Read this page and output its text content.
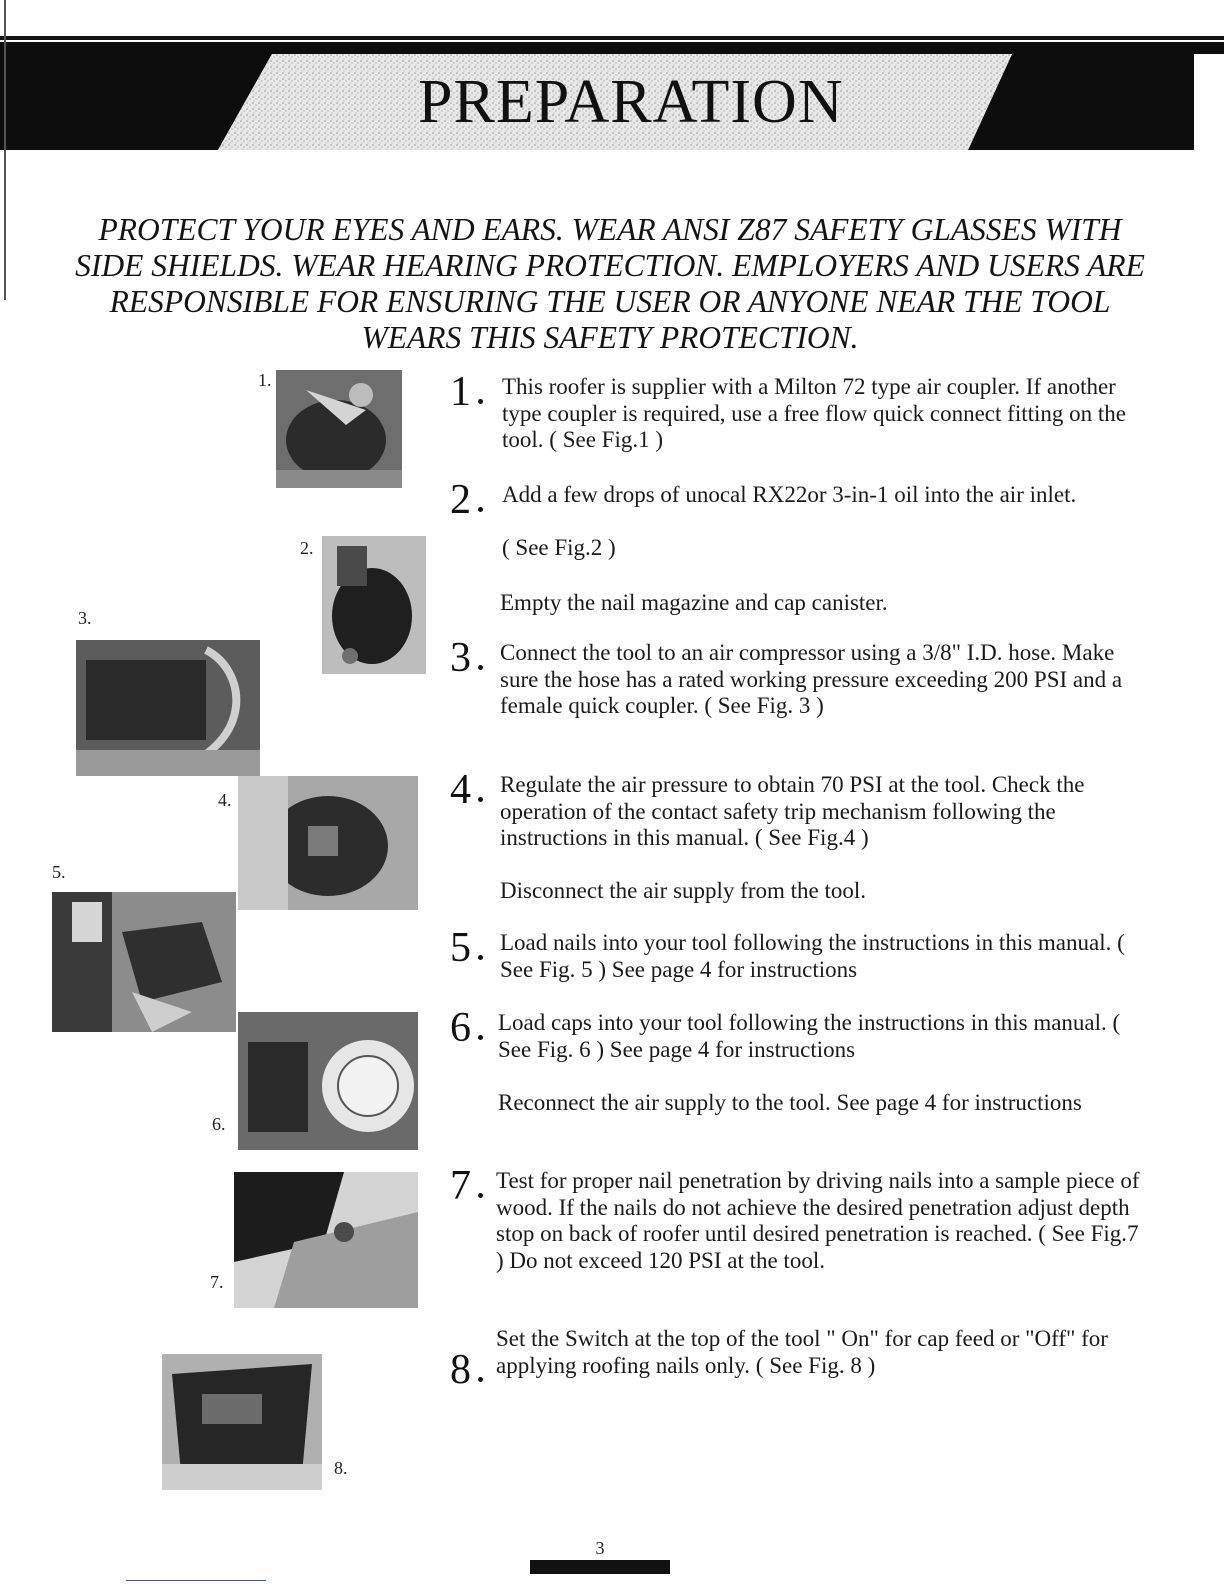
PREPARATION
PROTECT YOUR EYES AND EARS. WEAR ANSI Z87 SAFETY GLASSES WITH SIDE SHIELDS. WEAR HEARING PROTECTION. EMPLOYERS AND USERS ARE RESPONSIBLE FOR ENSURING THE USER OR ANYONE NEAR THE TOOL WEARS THIS SAFETY PROTECTION.
1.
2.
3.
4.
5.
6.
7.
8.
1 This roofer is supplier with a Milton 72 type air coupler. If another type coupler is required, use a free flow quick connect fitting on the tool. ( See Fig.1 )
2 Add a few drops of unocal RX22or 3-in-1 oil into the air inlet.
( See Fig.2 )
Empty the nail magazine and cap canister.
3 Connect the tool to an air compressor using a 3/8" I.D. hose. Make sure the hose has a rated working pressure exceeding 200 PSI and a female quick coupler. ( See Fig. 3 )
4 Regulate the air pressure to obtain 70 PSI at the tool. Check the operation of the contact safety trip mechanism following the instructions in this manual. ( See Fig.4 )
Disconnect the air supply from the tool.
5 Load nails into your tool following the instructions in this manual. ( See Fig. 5 ) See page 4 for instructions
6 Load caps into your tool following the instructions in this manual. ( See Fig. 6 ) See page 4 for instructions
Reconnect the air supply to the tool. See page 4 for instructions
7 Test for proper nail penetration by driving nails into a sample piece of wood. If the nails do not achieve the desired penetration adjust depth stop on back of roofer until desired penetration is reached. ( See Fig.7 ) Do not exceed 120 PSI at the tool.
8
Set the Switch at the top of the tool " On" for cap feed or "Off" for applying roofing nails only. ( See Fig. 8 )
3
